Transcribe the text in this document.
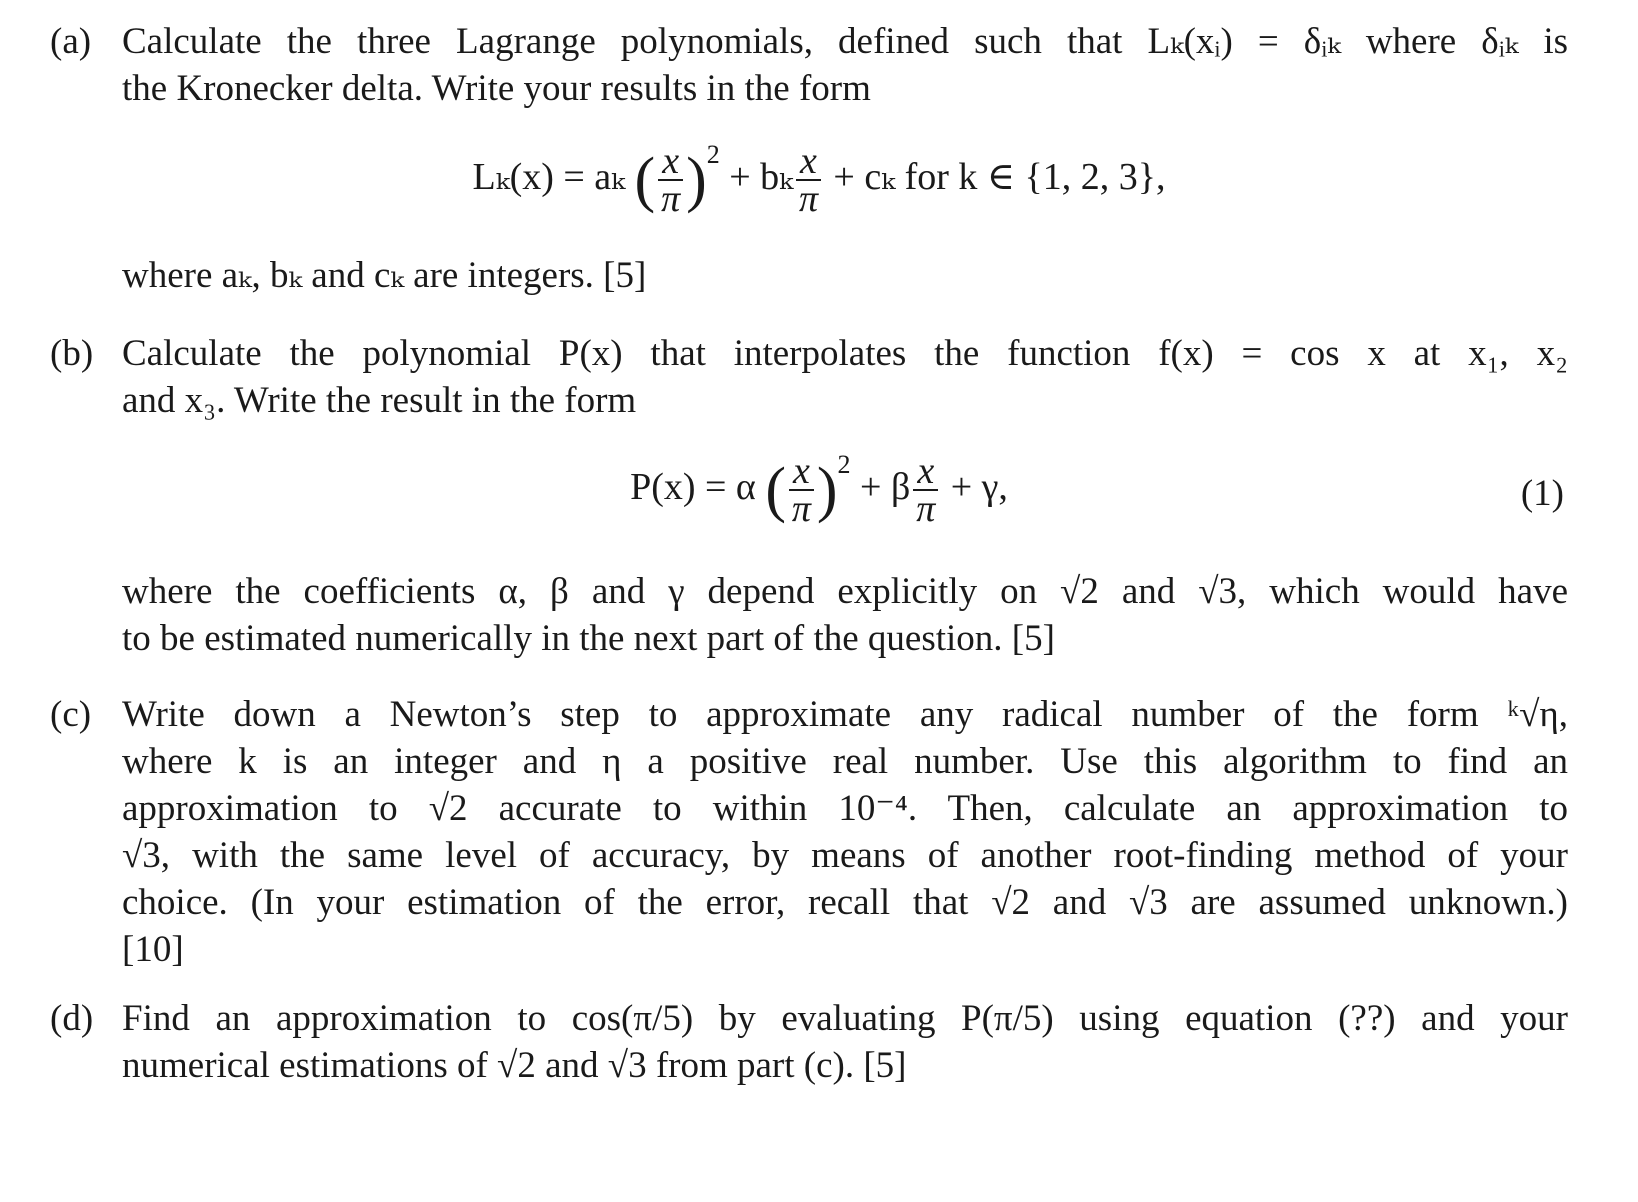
(a) Calculate the three Lagrange polynomials, defined such that Lₖ(xᵢ) = δᵢₖ where δᵢₖ is
the Kronecker delta. Write your results in the form
Lₖ(x) = aₖ ( $\frac{x}{\pi} )^2 + b_k \frac{x}{\pi} + c_k$ for k ∈ {1, 2, 3},
where aₖ, bₖ and cₖ are integers. [5]
(b) Calculate the polynomial P(x) that interpolates the function f(x) = cos x at x₁, x₂
and x₃. Write the result in the form
P(x) = α ( $\frac{x}{\pi} )^2 + \beta \frac{x}{\pi} + \gamma$,	(1)
where the coefficients α, β and γ depend explicitly on √2 and √3, which would have
to be estimated numerically in the next part of the question. [5]
(c) Write down a Newton’s step to approximate any radical number of the form ᵏ√η,
where k is an integer and η a positive real number. Use this algorithm to find an
approximation to √2 accurate to within 10⁻⁴. Then, calculate an approximation to
√3, with the same level of accuracy, by means of another root-finding method of your
choice. (In your estimation of the error, recall that √2 and √3 are assumed unknown.)
[10]
(d) Find an approximation to cos(π/5) by evaluating P(π/5) using equation (??) and your
numerical estimations of √2 and √3 from part (c). [5]
